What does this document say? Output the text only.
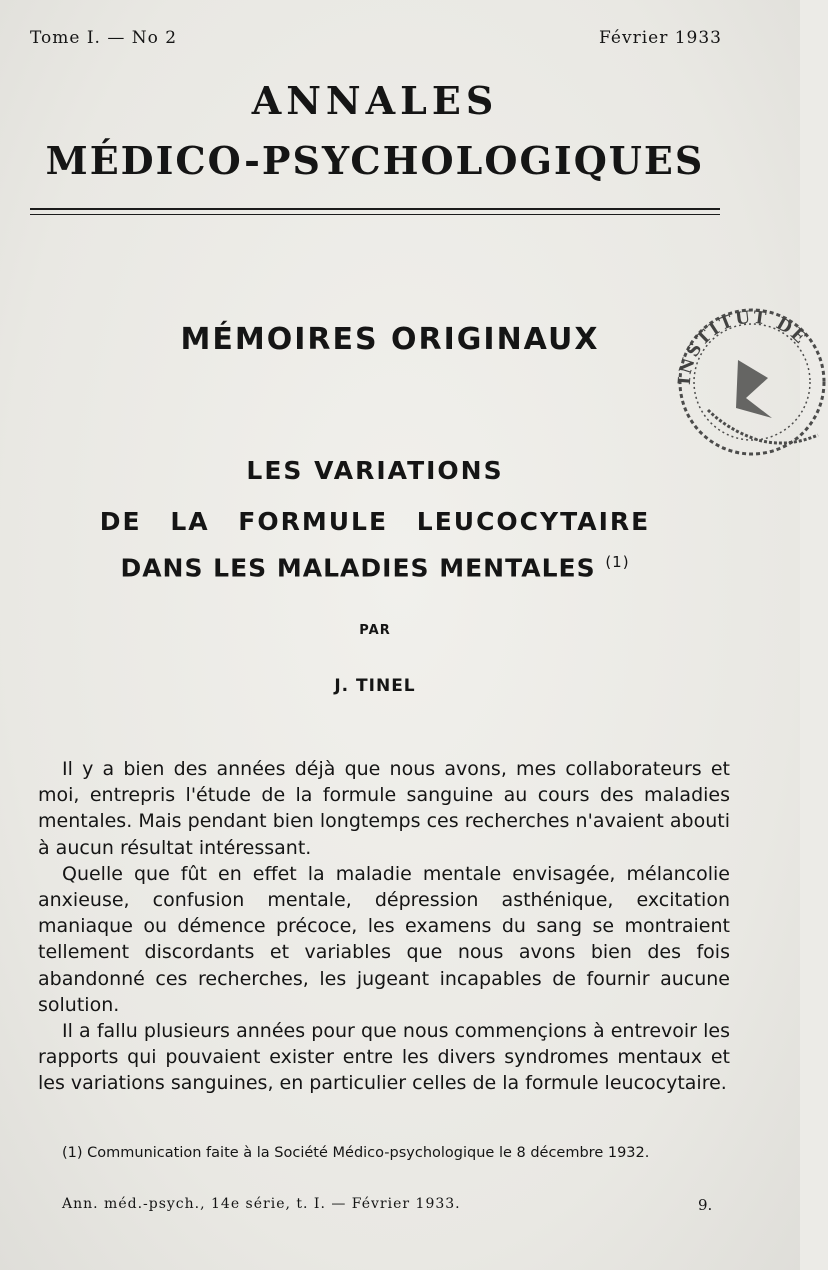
Tome I. — No 2	Février 1933
ANNALES
MÉDICO-PSYCHOLOGIQUES
MÉMOIRES ORIGINAUX
LES VARIATIONS
DE LA FORMULE LEUCOCYTAIRE
DANS LES MALADIES MENTALES $^{(1)}$
PAR
J. TINEL

Il y a bien des années déjà que nous avons, mes collaborateurs et moi, entrepris l'étude de la formule sanguine au cours des maladies mentales. Mais pendant bien longtemps ces recherches n'avaient abouti à aucun résultat intéressant.

Quelle que fût en effet la maladie mentale envisagée, mélancolie anxieuse, confusion mentale, dépression asthénique, excitation maniaque ou démence précoce, les examens du sang se montraient tellement discordants et variables que nous avons bien des fois abandonné ces recherches, les jugeant incapables de fournir aucune solution.

Il a fallu plusieurs années pour que nous commençions à entrevoir les rapports qui pouvaient exister entre les divers syndromes mentaux et les variations sanguines, en particulier celles de la formule leucocytaire.

(1) Communication faite à la Société Médico-psychologique le 8 décembre 1932.
Ann. méd.-psych., 14e série, t. I. — Février 1933.	9.
INSTITUT DE
